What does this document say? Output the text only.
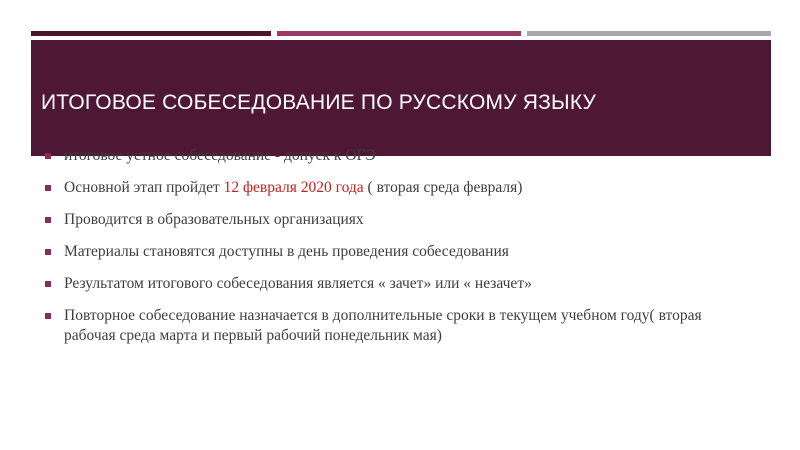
ИТОГОВОЕ СОБЕСЕДОВАНИЕ ПО РУССКОМУ ЯЗЫКУ
итоговое устное собеседование - допуск к ОГЭ
Основной этап пройдет 12 февраля 2020 года ( вторая среда февраля)
Проводится в образовательных организациях
Материалы становятся доступны в день проведения собеседования
Результатом итогового собеседования является « зачет» или « незачет»
Повторное собеседование назначается в дополнительные сроки в текущем учебном году( вторая рабочая среда марта и первый рабочий понедельник мая)
